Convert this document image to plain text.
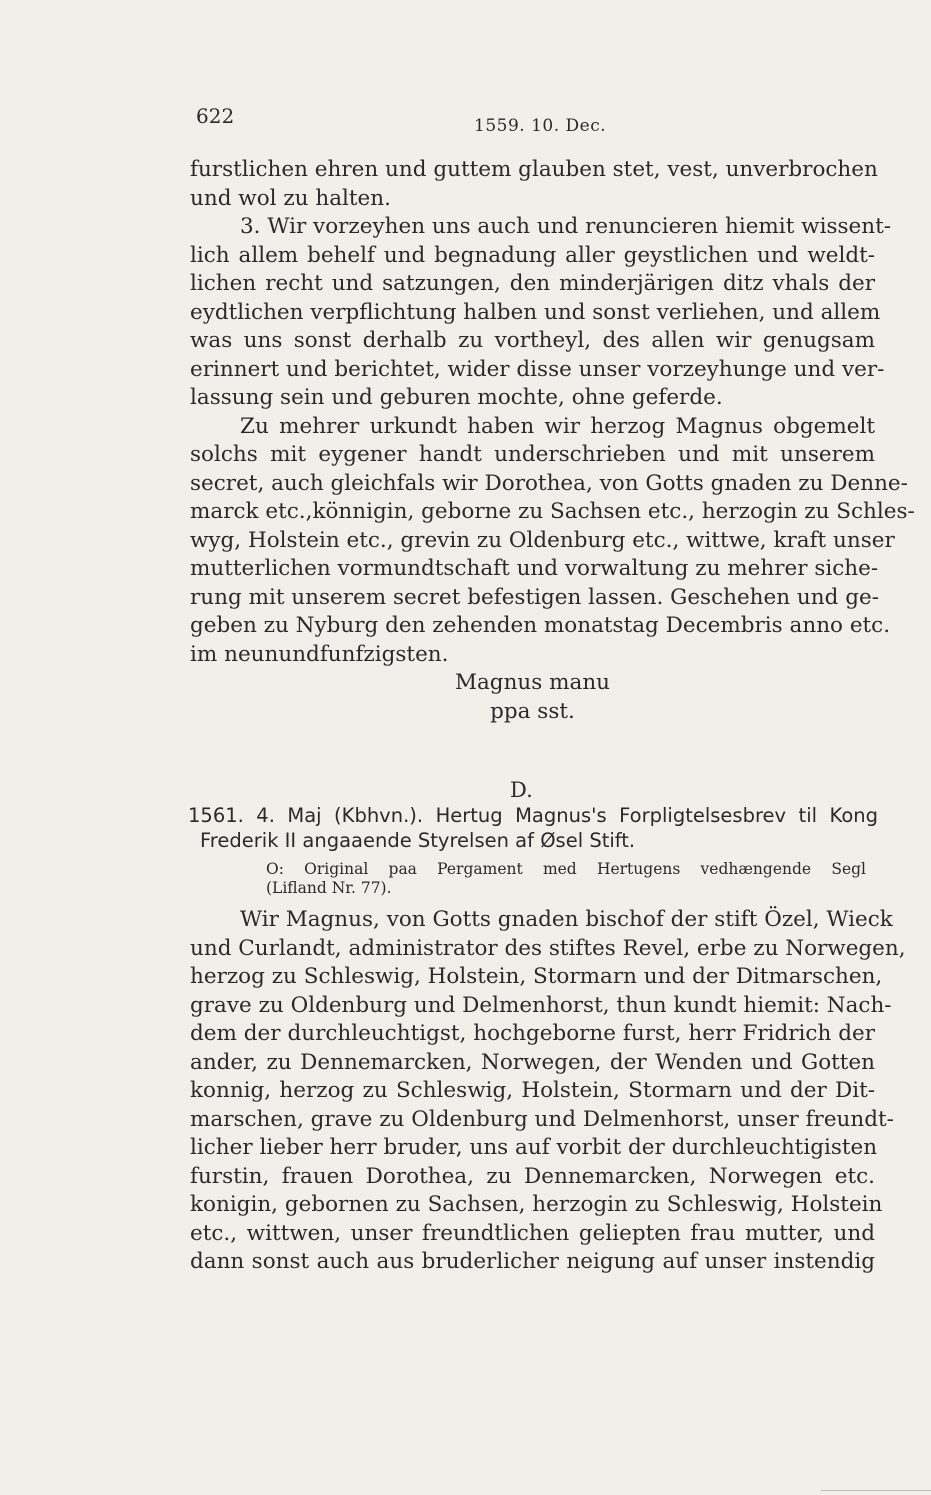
622	1559. 10. Dec.
furstlichen ehren und guttem glauben stet, vest, unverbrochen
und wol zu halten.
3. Wir vorzeyhen uns auch und renuncieren hiemit wissent-
lich allem behelf und begnadung aller geystlichen und weldt-
lichen recht und satzungen, den minderjärigen ditz vhals der
eydtlichen verpflichtung halben und sonst verliehen, und allem
was uns sonst derhalb zu vortheyl, des allen wir genugsam
erinnert und berichtet, wider disse unser vorzeyhunge und ver-
lassung sein und geburen mochte, ohne geferde.
Zu mehrer urkundt haben wir herzog Magnus obgemelt
solchs mit eygener handt underschrieben und mit unserem
secret, auch gleichfals wir Dorothea, von Gotts gnaden zu Denne-
marck etc.,könnigin, geborne zu Sachsen etc., herzogin zu Schles-
wyg, Holstein etc., grevin zu Oldenburg etc., wittwe, kraft unser
mutterlichen vormundtschaft und vorwaltung zu mehrer siche-
rung mit unserem secret befestigen lassen. Geschehen und ge-
geben zu Nyburg den zehenden monatstag Decembris anno etc.
im neunundfunfzigsten.
Magnus manu
ppa sst.
D.
1561. 4. Maj (Kbhvn.). Hertug Magnus's Forpligtelsesbrev til Kong
Frederik II angaaende Styrelsen af Øsel Stift.
O: Original paa Pergament med Hertugens vedhængende Segl
(Lifland Nr. 77).
Wir Magnus, von Gotts gnaden bischof der stift Özel, Wieck
und Curlandt, administrator des stiftes Revel, erbe zu Norwegen,
herzog zu Schleswig, Holstein, Stormarn und der Ditmarschen,
grave zu Oldenburg und Delmenhorst, thun kundt hiemit: Nach-
dem der durchleuchtigst, hochgeborne furst, herr Fridrich der
ander, zu Dennemarcken, Norwegen, der Wenden und Gotten
konnig, herzog zu Schleswig, Holstein, Stormarn und der Dit-
marschen, grave zu Oldenburg und Delmenhorst, unser freundt-
licher lieber herr bruder, uns auf vorbit der durchleuchtigisten
furstin, frauen Dorothea, zu Dennemarcken, Norwegen etc.
konigin, gebornen zu Sachsen, herzogin zu Schleswig, Holstein
etc., wittwen, unser freundtlichen geliepten frau mutter, und
dann sonst auch aus bruderlicher neigung auf unser instendig
